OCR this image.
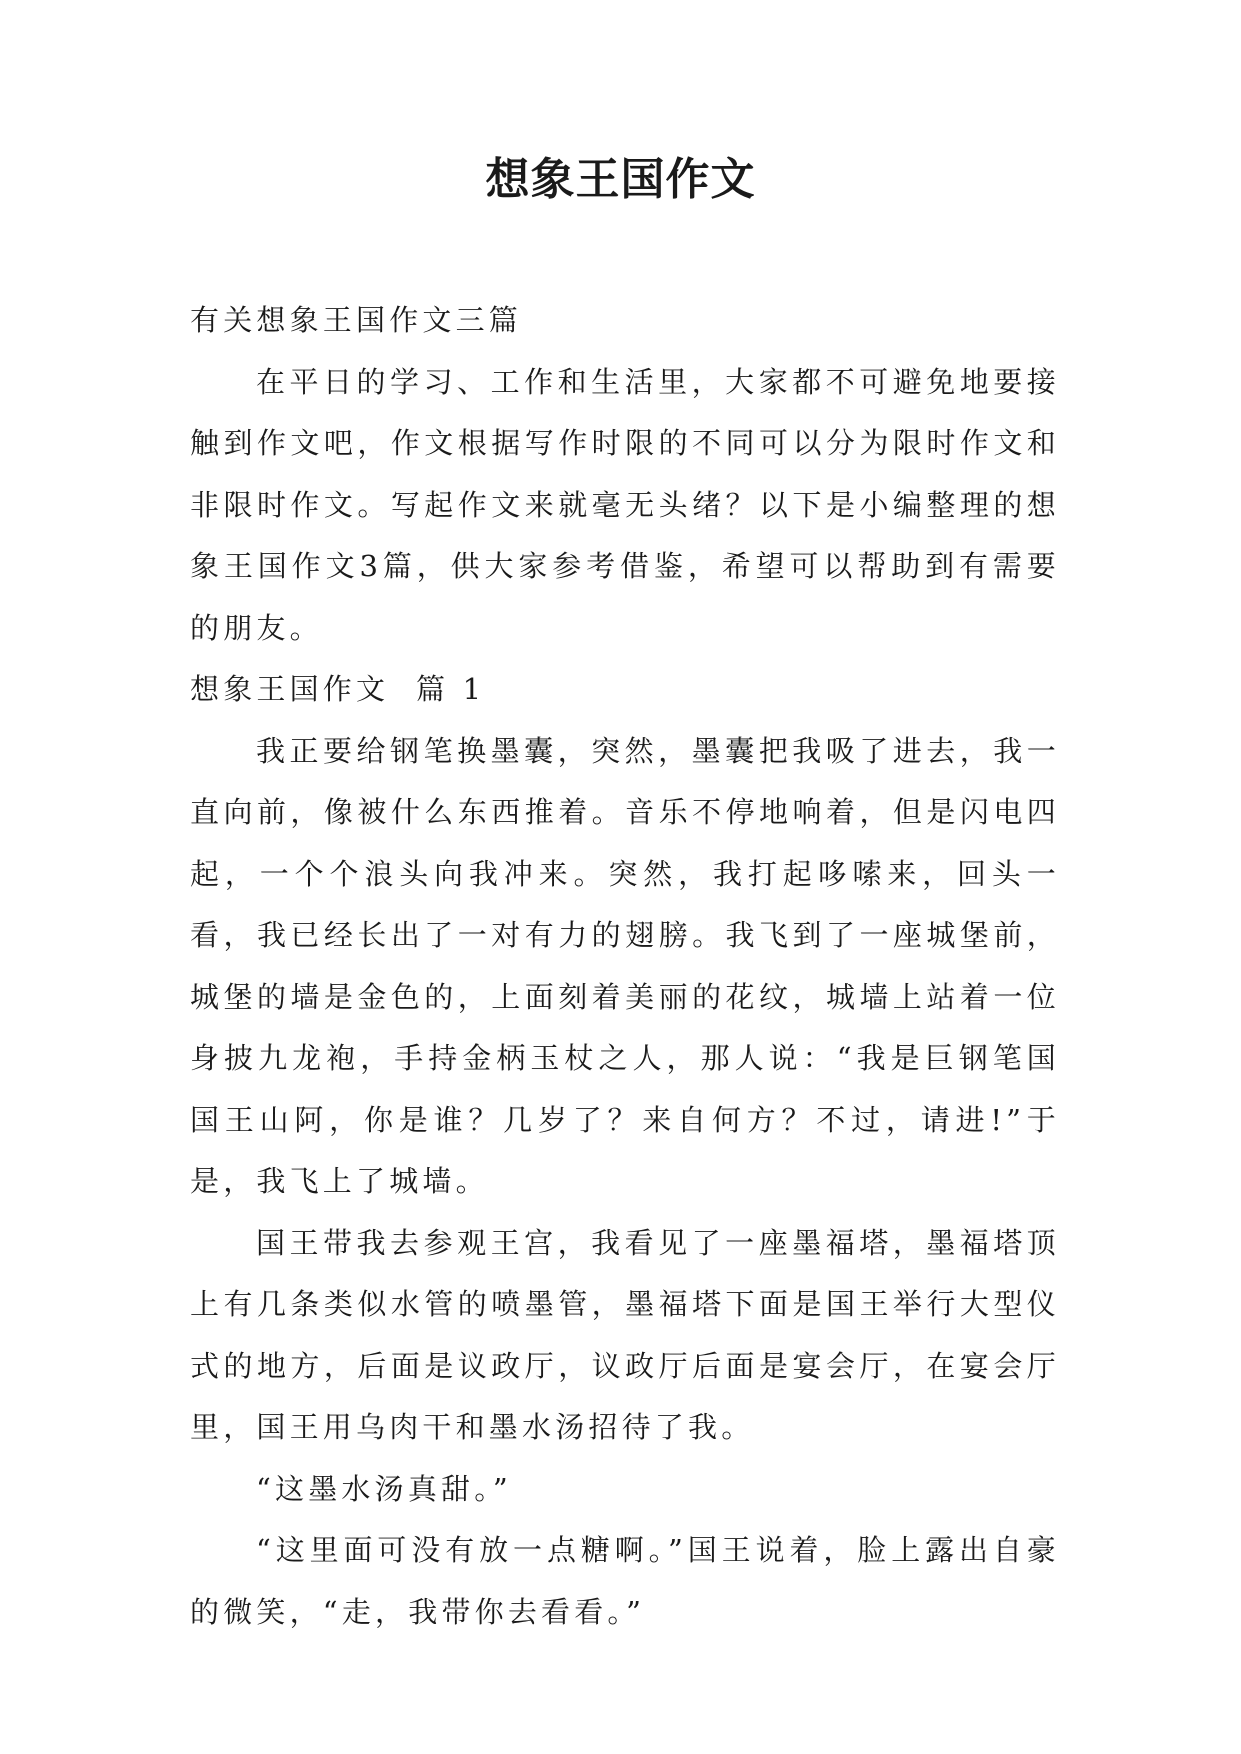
想象王国作文

有关想象王国作文三篇

在平日的学习、工作和生活里，大家都不可避免地要接触到作文吧，作文根据写作时限的不同可以分为限时作文和非限时作文。写起作文来就毫无头绪？以下是小编整理的想象王国作文3篇，供大家参考借鉴，希望可以帮助到有需要的朋友。

想象王国作文  篇 1

我正要给钢笔换墨囊，突然，墨囊把我吸了进去，我一直向前，像被什么东西推着。音乐不停地响着，但是闪电四起，一个个浪头向我冲来。突然，我打起哆嗦来，回头一看，我已经长出了一对有力的翅膀。我飞到了一座城堡前，城堡的墙是金色的，上面刻着美丽的花纹，城墙上站着一位身披九龙袍，手持金柄玉杖之人，那人说：“我是巨钢笔国国王山阿，你是谁？几岁了？来自何方？不过，请进!”于是，我飞上了城墙。

国王带我去参观王宫，我看见了一座墨福塔，墨福塔顶上有几条类似水管的喷墨管，墨福塔下面是国王举行大型仪式的地方，后面是议政厅，议政厅后面是宴会厅，在宴会厅里，国王用乌肉干和墨水汤招待了我。

“这墨水汤真甜。”

“这里面可没有放一点糖啊。”国王说着，脸上露出自豪的微笑，“走，我带你去看看。”
